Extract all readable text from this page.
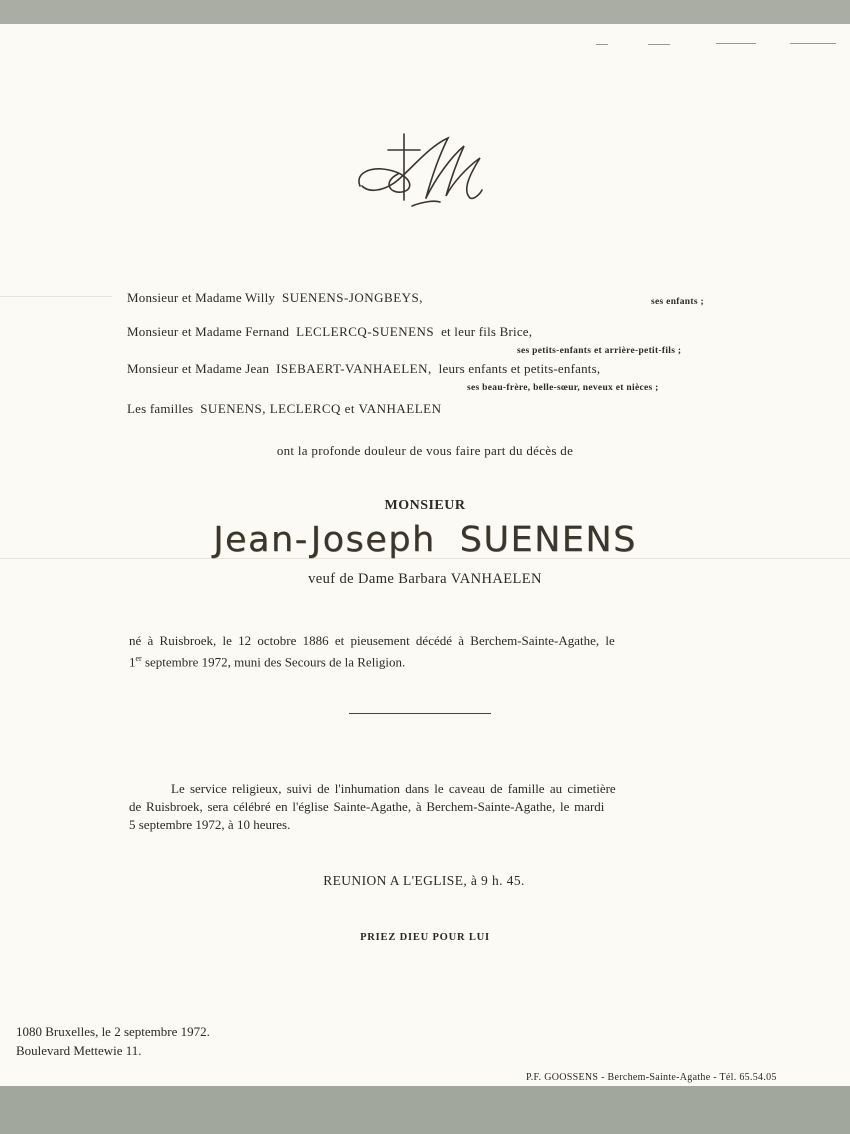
Monsieur et Madame Willy SUENENS-JONGBEYS,	ses enfants ;
Monsieur et Madame Fernand LECLERCQ-SUENENS et leur fils Brice,
ses petits-enfants et arrière-petit-fils ;
Monsieur et Madame Jean ISEBAERT-VANHAELEN, leurs enfants et petits-enfants,
ses beau-frère, belle-sœur, neveux et nièces ;
Les familles SUENENS, LECLERCQ et VANHAELEN
ont la profonde douleur de vous faire part du décès de
MONSIEUR
Jean-Joseph SUENENS
veuf de Dame Barbara VANHAELEN
né à Ruisbroek, le 12 octobre 1886 et pieusement décédé à Berchem-Sainte-Agathe, le
1er septembre 1972, muni des Secours de la Religion.
Le service religieux, suivi de l'inhumation dans le caveau de famille au cimetière
de Ruisbroek, sera célébré en l'église Sainte-Agathe, à Berchem-Sainte-Agathe, le mardi
5 septembre 1972, à 10 heures.
REUNION A L'EGLISE, à 9 h. 45.
PRIEZ DIEU POUR LUI
1080 Bruxelles, le 2 septembre 1972.
Boulevard Mettewie 11.
P.F. GOOSSENS - Berchem-Sainte-Agathe - Tél. 65.54.05
